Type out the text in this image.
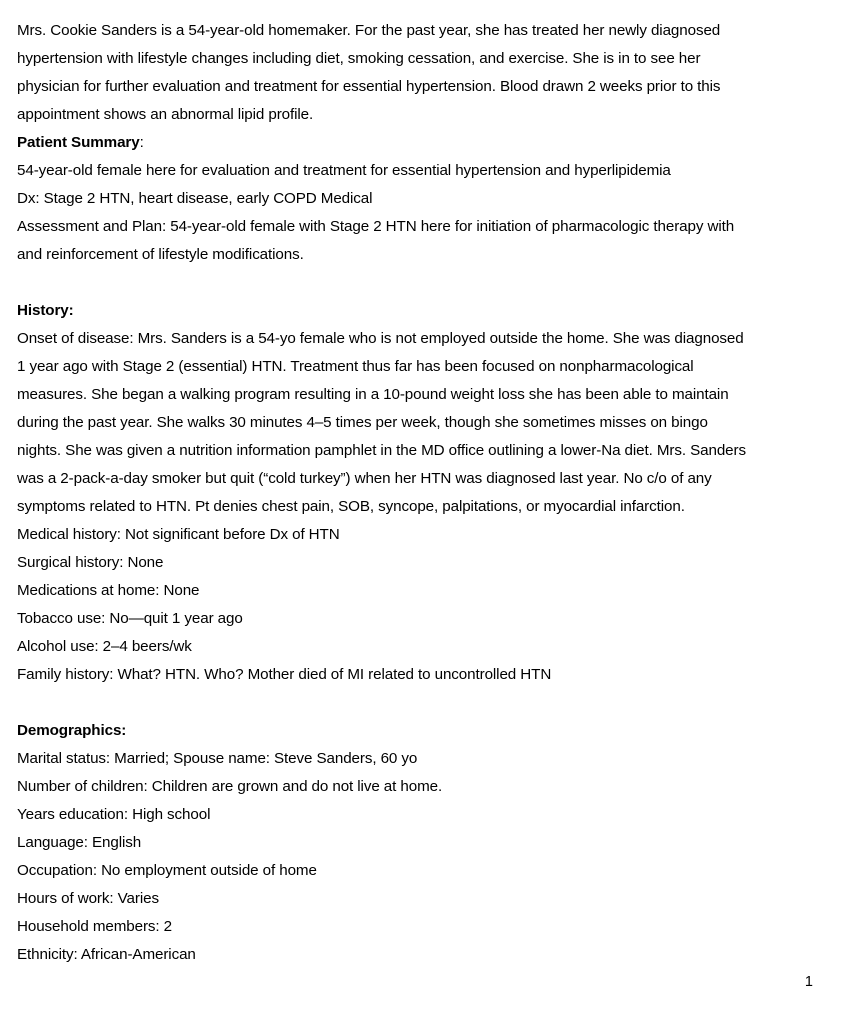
Mrs. Cookie Sanders is a 54-year-old homemaker. For the past year, she has treated her newly diagnosed
hypertension with lifestyle changes including diet, smoking cessation, and exercise. She is in to see her
physician for further evaluation and treatment for essential hypertension. Blood drawn 2 weeks prior to this
appointment shows an abnormal lipid profile.
Patient Summary:
54-year-old female here for evaluation and treatment for essential hypertension and hyperlipidemia
Dx: Stage 2 HTN, heart disease, early COPD Medical
Assessment and Plan: 54-year-old female with Stage 2 HTN here for initiation of pharmacologic therapy with
and reinforcement of lifestyle modifications.
History:
Onset of disease: Mrs. Sanders is a 54-yo female who is not employed outside the home. She was diagnosed
1 year ago with Stage 2 (essential) HTN. Treatment thus far has been focused on nonpharmacological
measures. She began a walking program resulting in a 10-pound weight loss she has been able to maintain
during the past year. She walks 30 minutes 4–5 times per week, though she sometimes misses on bingo
nights. She was given a nutrition information pamphlet in the MD office outlining a lower-Na diet. Mrs. Sanders
was a 2-pack-a-day smoker but quit (“cold turkey”) when her HTN was diagnosed last year. No c/o of any
symptoms related to HTN. Pt denies chest pain, SOB, syncope, palpitations, or myocardial infarction.
Medical history: Not significant before Dx of HTN
Surgical history: None
Medications at home: None
Tobacco use: No—quit 1 year ago
Alcohol use: 2–4 beers/wk
Family history: What? HTN. Who? Mother died of MI related to uncontrolled HTN
Demographics:
Marital status: Married; Spouse name: Steve Sanders, 60 yo
Number of children: Children are grown and do not live at home.
Years education: High school
Language: English
Occupation: No employment outside of home
Hours of work: Varies
Household members: 2
Ethnicity: African-American
1
